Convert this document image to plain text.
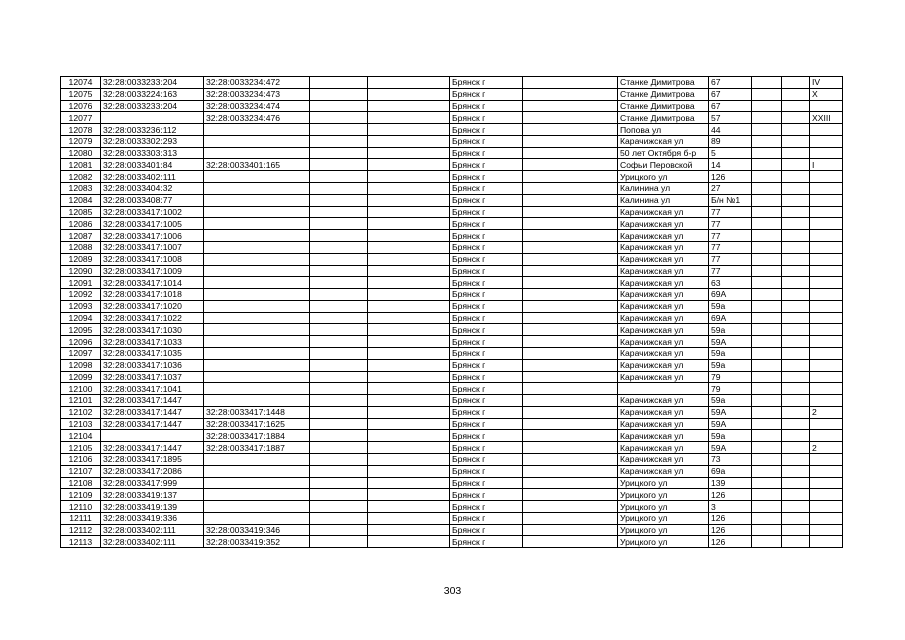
12074	32:28:0033233:204	32:28:0033234:472			Брянск г		Станке Димитрова	67			IV
12075	32:28:0033224:163	32:28:0033234:473			Брянск г		Станке Димитрова	67			X
12076	32:28:0033233:204	32:28:0033234:474			Брянск г		Станке Димитрова	67			
12077		32:28:0033234:476			Брянск г		Станке Димитрова	57			XXIII
12078	32:28:0033236:112				Брянск г		Попова ул	44			
12079	32:28:0033302:293				Брянск г		Карачижская ул	89			
12080	32:28:0033303:313				Брянск г		50 лет Октября б-р	5			
12081	32:28:0033401:84	32:28:0033401:165			Брянск г		Софьи Перовской	14			I
12082	32:28:0033402:111				Брянск г		Урицкого ул	126			
12083	32:28:0033404:32				Брянск г		Калинина ул	27			
12084	32:28:0033408:77				Брянск г		Калинина ул	Б/н №1			
12085	32:28:0033417:1002				Брянск г		Карачижская ул	77			
12086	32:28:0033417:1005				Брянск г		Карачижская ул	77			
12087	32:28:0033417:1006				Брянск г		Карачижская ул	77			
12088	32:28:0033417:1007				Брянск г		Карачижская ул	77			
12089	32:28:0033417:1008				Брянск г		Карачижская ул	77			
12090	32:28:0033417:1009				Брянск г		Карачижская ул	77			
12091	32:28:0033417:1014				Брянск г		Карачижская ул	63			
12092	32:28:0033417:1018				Брянск г		Карачижская ул	69А			
12093	32:28:0033417:1020				Брянск г		Карачижская ул	59а			
12094	32:28:0033417:1022				Брянск г		Карачижская ул	69А			
12095	32:28:0033417:1030				Брянск г		Карачижская ул	59а			
12096	32:28:0033417:1033				Брянск г		Карачижская ул	59А			
12097	32:28:0033417:1035				Брянск г		Карачижская ул	59а			
12098	32:28:0033417:1036				Брянск г		Карачижская ул	59а			
12099	32:28:0033417:1037				Брянск г		Карачижская ул	79			
12100	32:28:0033417:1041				Брянск г			79			
12101	32:28:0033417:1447				Брянск г		Карачижская ул	59а			
12102	32:28:0033417:1447	32:28:0033417:1448			Брянск г		Карачижская ул	59А			2
12103	32:28:0033417:1447	32:28:0033417:1625			Брянск г		Карачижская ул	59А			
12104		32:28:0033417:1884			Брянск г		Карачижская ул	59а			
12105	32:28:0033417:1447	32:28:0033417:1887			Брянск г		Карачижская ул	59А			2
12106	32:28:0033417:1895				Брянск г		Карачижская ул	73			
12107	32:28:0033417:2086				Брянск г		Карачижская ул	69а			
12108	32:28:0033417:999				Брянск г		Урицкого ул	139			
12109	32:28:0033419:137				Брянск г		Урицкого ул	126			
12110	32:28:0033419:139				Брянск г		Урицкого ул	3			
12111	32:28:0033419:336				Брянск г		Урицкого ул	126			
12112	32:28:0033402:111	32:28:0033419:346			Брянск г		Урицкого ул	126			
12113	32:28:0033402:111	32:28:0033419:352			Брянск г		Урицкого ул	126			
303
